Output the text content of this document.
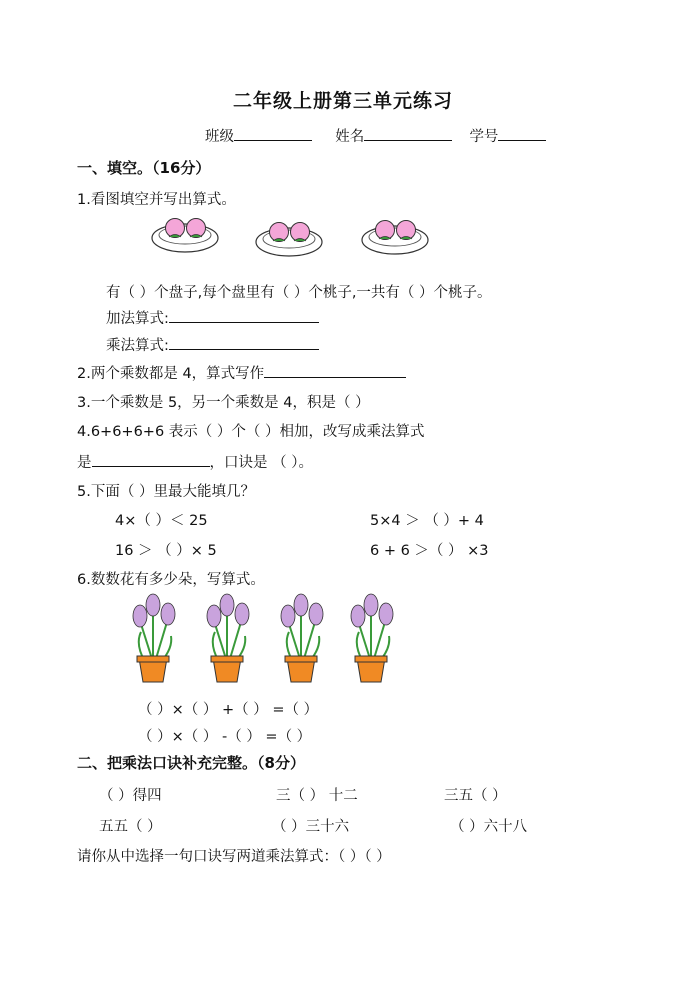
二年级上册第三单元练习
班级	姓名	学号
一、填空。（16分）
1.看图填空并写出算式。
有（ ）个盘子,每个盘里有（ ）个桃子,一共有（ ）个桃子。
加法算式:
乘法算式:
2.两个乘数都是 4，算式写作
3.一个乘数是 5，另一个乘数是 4，积是（ ）
4.6+6+6+6 表示（ ）个（ ）相加，改写成乘法算式
是	，口诀是 （ ）。
5.下面（ ）里最大能填几？
4×（ ）＜ 25	5×4 ＞ （ ）+ 4
16 ＞ （ ）× 5	6 + 6 ＞（ ） ×3
6.数数花有多少朵，写算式。
（ ）×（ ） +（ ） =（ ）
（ ）×（ ） -（ ） =（ ）
二、把乘法口诀补充完整。（8分）
（ ）得四	三（ ） 十二	三五（ ）
五五（ ）	（ ）三十六	（ ）六十八
请你从中选择一句口诀写两道乘法算式：（ ）（ ）
